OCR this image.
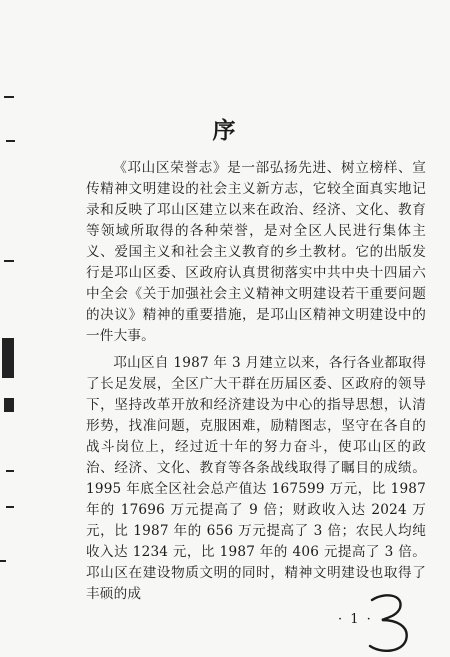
序

《邛山区荣誉志》是一部弘扬先进、树立榜样、宣传精神文明建设的社会主义新方志，它较全面真实地记录和反映了邛山区建立以来在政治、经济、文化、教育等领域所取得的各种荣誉，是对全区人民进行集体主义、爱国主义和社会主义教育的乡土教材。它的出版发行是邛山区委、区政府认真贯彻落实中共中央十四届六中全会《关于加强社会主义精神文明建设若干重要问题的决议》精神的重要措施，是邛山区精神文明建设中的一件大事。

邛山区自 1987 年 3 月建立以来，各行各业都取得了长足发展，全区广大干群在历届区委、区政府的领导下，坚持改革开放和经济建设为中心的指导思想，认清形势，找准问题，克服困难，励精图志，坚守在各自的战斗岗位上，经过近十年的努力奋斗，使邛山区的政治、经济、文化、教育等各条战线取得了瞩目的成绩。1995 年底全区社会总产值达 167599 万元，比 1987 年的 17696 万元提高了 9 倍；财政收入达 2024 万元，比 1987 年的 656 万元提高了 3 倍；农民人均纯收入达 1234 元，比 1987 年的 406 元提高了 3 倍。邛山区在建设物质文明的同时，精神文明建设也取得了丰硕的成

· 1 ·
